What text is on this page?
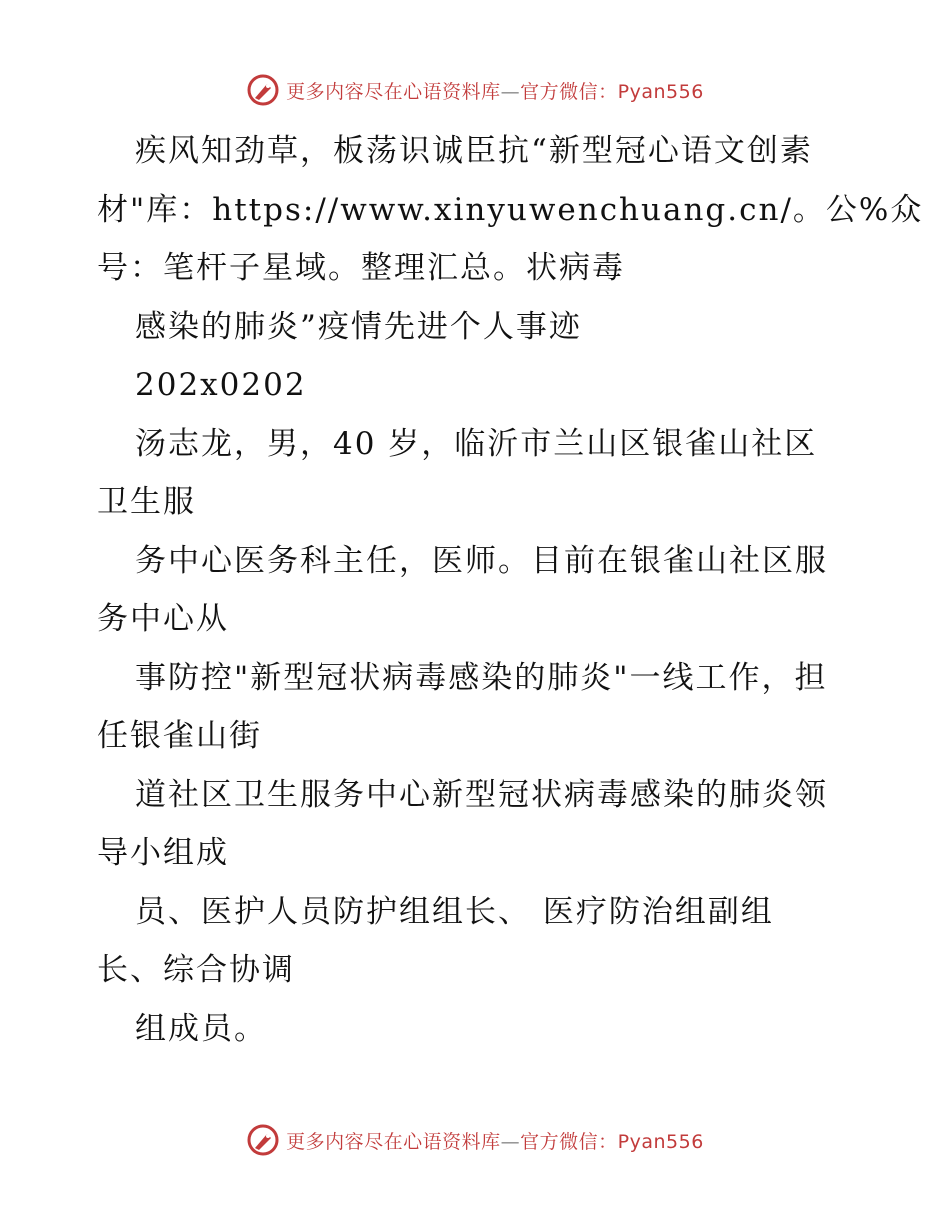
更多内容尽在心语资料库—官方微信：Pyan556
疾风知劲草，板荡识诚臣抗“新型冠心语文创素
材"库：https://www.xinyuwenchuang.cn/。公%众
号：笔杆子星域。整理汇总。状病毒
感染的肺炎”疫情先进个人事迹
202x0202
汤志龙，男，40 岁，临沂市兰山区银雀山社区
卫生服
务中心医务科主任，医师。目前在银雀山社区服
务中心从
事防控"新型冠状病毒感染的肺炎"一线工作，担
任银雀山街
道社区卫生服务中心新型冠状病毒感染的肺炎领
导小组成
员、医护人员防护组组长、 医疗防治组副组
长、综合协调
组成员。
更多内容尽在心语资料库—官方微信：Pyan556
